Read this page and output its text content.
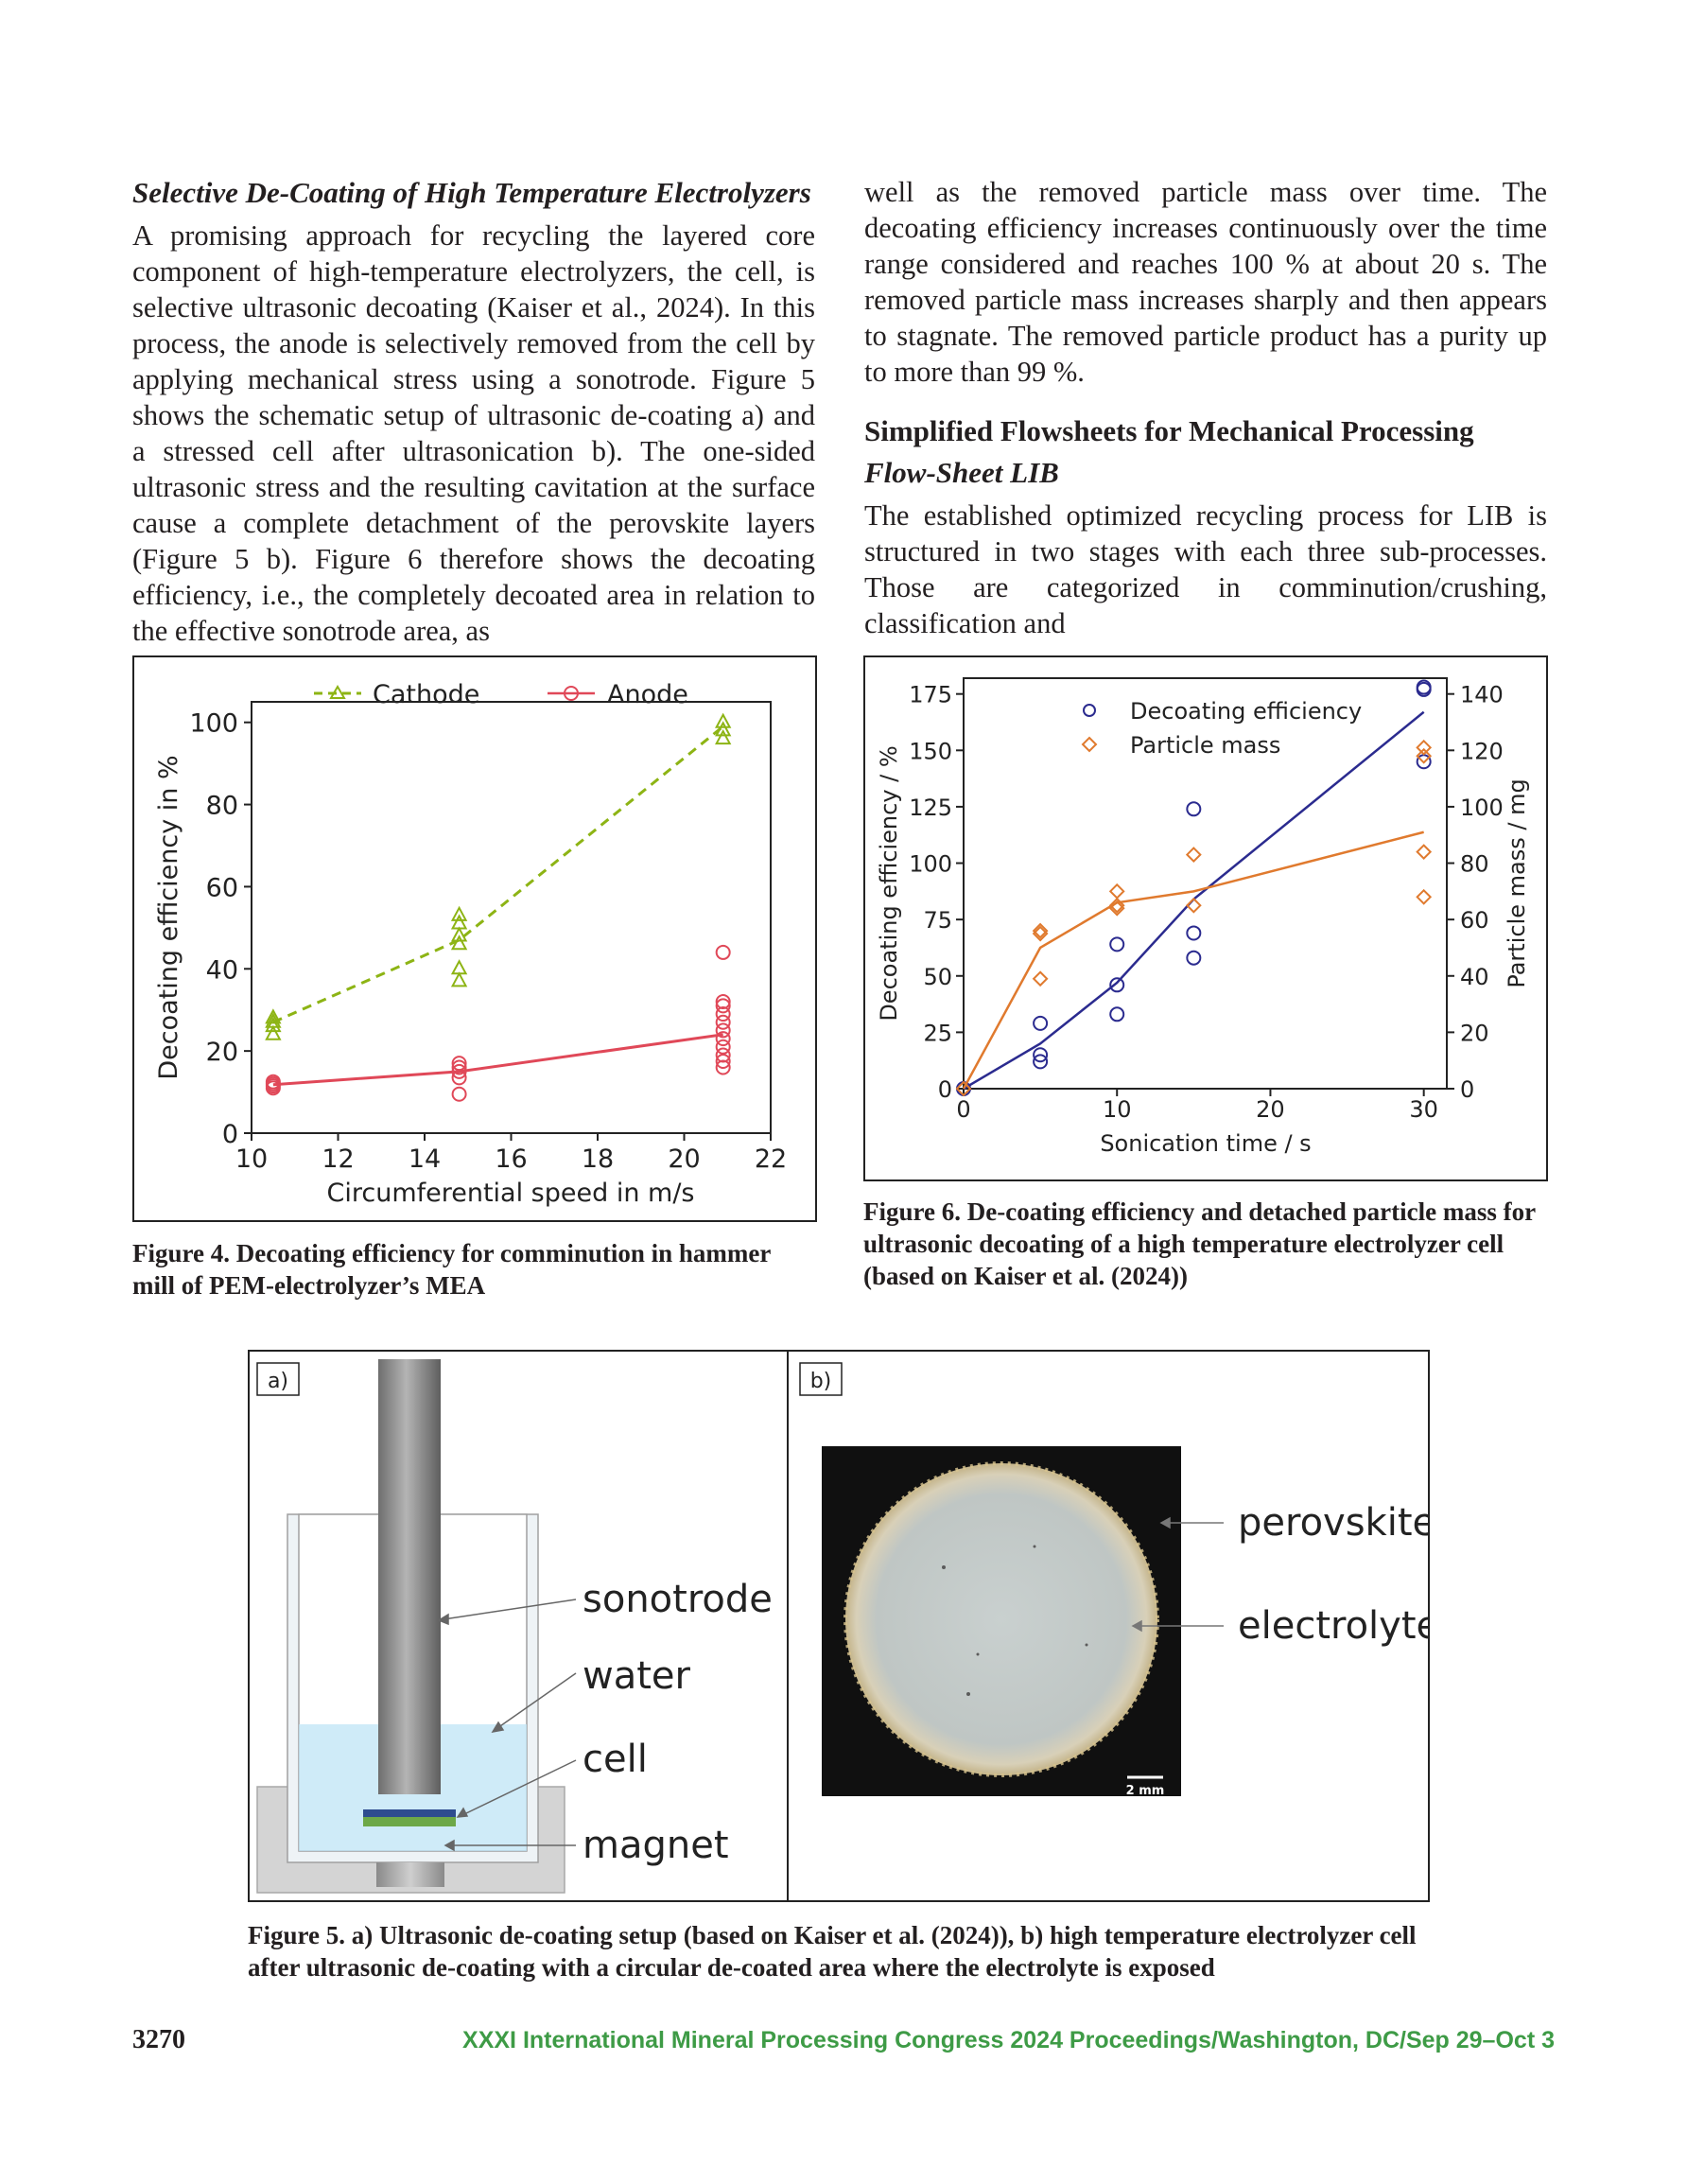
Selective De-Coating of High Temperature Electrolyzers

A promising approach for recycling the layered core component of high-temperature electrolyzers, the cell, is selective ultrasonic decoating (Kaiser et al., 2024). In this process, the anode is selectively removed from the cell by applying mechanical stress using a sonotrode. Figure 5 shows the schematic setup of ultrasonic de-coating a) and a stressed cell after ultrasonication b). The one-sided ultrasonic stress and the resulting cavitation at the surface cause a complete detachment of the perovskite layers (Figure 5 b). Figure 6 therefore shows the decoating efficiency, i.e., the completely decoated area in relation to the effective sonotrode area, as

well as the removed particle mass over time. The decoating efficiency increases continuously over the time range considered and reaches 100 % at about 20 s. The removed particle mass increases sharply and then appears to stagnate. The removed particle product has a purity up to more than 99 %.

Simplified Flowsheets for Mechanical Processing
Flow-Sheet LIB

The established optimized recycling process for LIB is structured in two stages with each three sub-processes. Those are categorized in comminution/crushing, classification and

10 12 14 16 18 20 22
0
20
40
60
80
100
Cathode	Anode
Circumferential speed in m/s
Decoating efficiency in %
Figure 4. Decoating efficiency for comminution in hammer mill of PEM-electrolyzer’s MEA
0	10	20	30
0
25
50
75
100
125
150
175
0
20
40
60
80
100
120
140
Decoating efficiency
Particle mass
Sonication time / s
Decoating efficiency / %	Particle mass / mg
Figure 6. De-coating efficiency and detached particle mass for ultrasonic decoating of a high temperature electrolyzer cell (based on Kaiser et al. (2024))
a)	b)
sonotrode
water
cell
magnet
2 mm
perovskite
electrolyte
Figure 5. a) Ultrasonic de-coating setup (based on Kaiser et al. (2024)), b) high temperature electrolyzer cell after ultrasonic de-coating with a circular de-coated area where the electrolyte is exposed
3270	XXXI International Mineral Processing Congress 2024 Proceedings/Washington, DC/Sep 29–Oct 3
